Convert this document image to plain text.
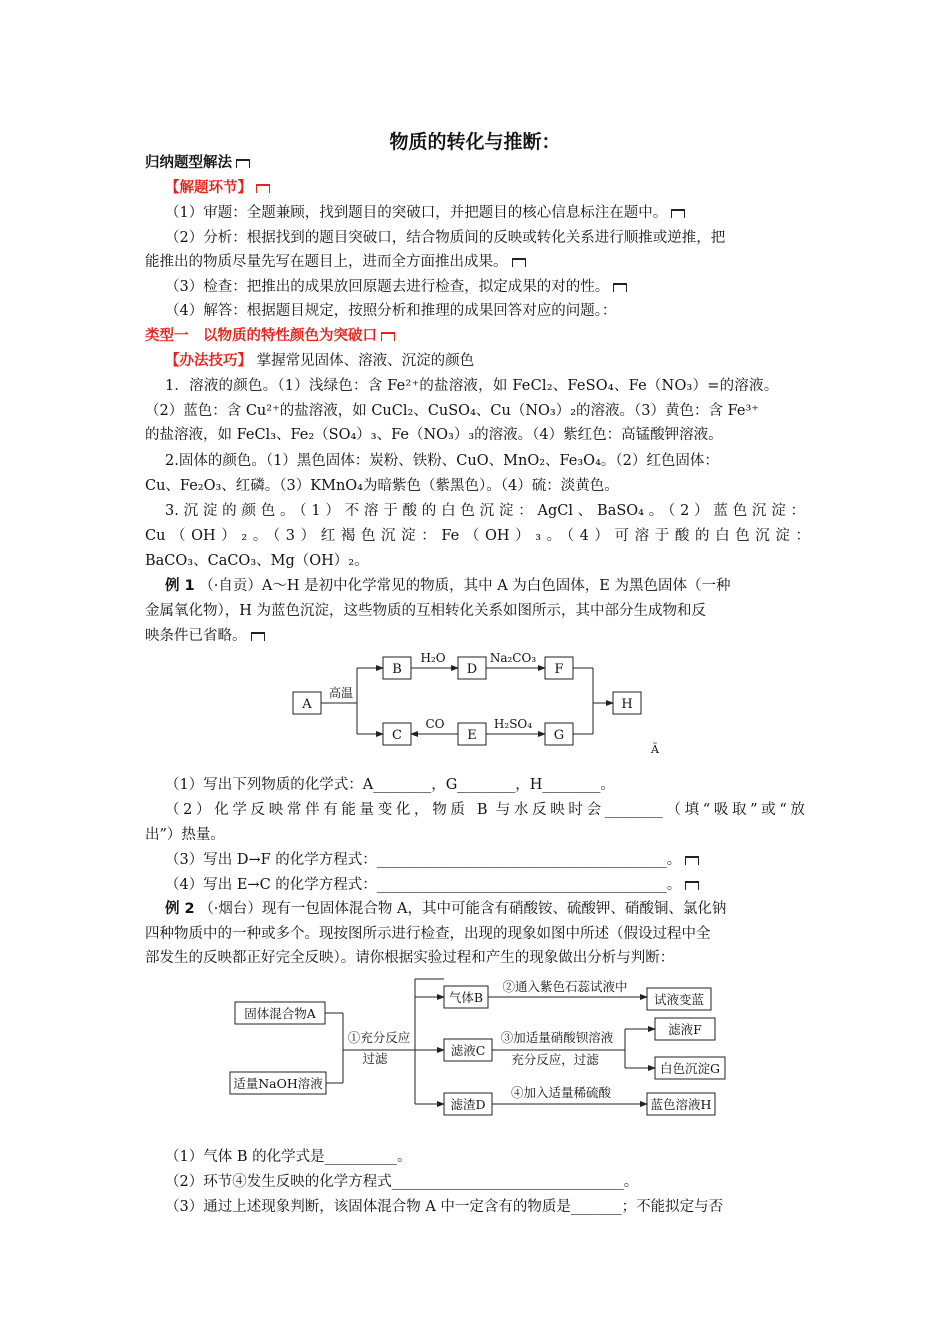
物质的转化与推断：
归纳题型解法
【解题环节】
（1）审题：全题兼顾，找到题目的突破口，并把题目的核心信息标注在题中。
（2）分析：根据找到的题目突破口，结合物质间的反映或转化关系进行顺推或逆推，把
能推出的物质尽量先写在题目上，进而全方面推出成果。
（3）检查：把推出的成果放回原题去进行检查，拟定成果的对的性。
（4）解答：根据题目规定，按照分析和推理的成果回答对应的问题。：
类型一　以物质的特性颜色为突破口
【办法技巧】 掌握常见固体、溶液、沉淀的颜色
1．溶液的颜色。（1）浅绿色：含 Fe²⁺的盐溶液，如 FeCl₂、FeSO₄、Fe（NO₃）=的溶液。
（2）蓝色：含 Cu²⁺的盐溶液，如 CuCl₂、CuSO₄、Cu（NO₃）₂的溶液。（3）黄色：含 Fe³⁺
的盐溶液，如 FeCl₃、Fe₂（SO₄）₃、Fe（NO₃）₃的溶液。（4）紫红色：高锰酸钾溶液。
2.固体的颜色。（1）黑色固体：炭粉、铁粉、CuO、MnO₂、Fe₃O₄。（2）红色固体：
Cu、Fe₂O₃、红磷。（3）KMnO₄为暗紫色（紫黑色）。（4）硫：淡黄色。
3.沉淀的颜色。（1）不溶于酸的白色沉淀：AgCl、BaSO₄。（2）蓝色沉淀：
Cu（OH）₂。（3）红褐色沉淀：Fe（OH）₃。（4）可溶于酸的白色沉淀：
BaCO₃、CaCO₃、Mg（OH）₂。
例 1 （·自贡）A～H 是初中化学常见的物质，其中 A 为白色固体，E 为黑色固体（一种
金属氧化物），H 为蓝色沉淀，这些物质的互相转化关系如图所示，其中部分生成物和反
映条件已省略。
A
B	D	F
H
C	E	G
高温
H₂O	Na₂CO₃
CO	H₂SO₄
Ã
（1）写出下列物质的化学式：A________，G________，H________。
（2）化学反映常伴有能量变化，物质 B 与水反映时会________（填“吸取”或“放
出”）热量。
（3）写出 D→F 的化学方程式：________________________________________。
（4）写出 E→C 的化学方程式：________________________________________。
例 2 （·烟台）现有一包固体混合物 A，其中可能含有硝酸铵、硫酸钾、硝酸铜、氯化钠
四种物质中的一种或多个。现按图所示进行检查，出现的现象如图中所述（假设过程中全
部发生的反映都正好完全反映）。请你根据实验过程和产生的现象做出分析与判断：
固体混合物A
适量NaOH溶液
气体B	试液变蓝
滤液C
滤液F
白色沉淀G
滤渣D	蓝色溶液H
①充分反应
过滤
②通入紫色石蕊试液中
③加适量硝酸钡溶液
充分反应，过滤
④加入适量稀硫酸
（1）气体 B 的化学式是__________。
（2）环节④发生反映的化学方程式________________________________。
（3）通过上述现象判断，该固体混合物 A 中一定含有的物质是_______；不能拟定与否
